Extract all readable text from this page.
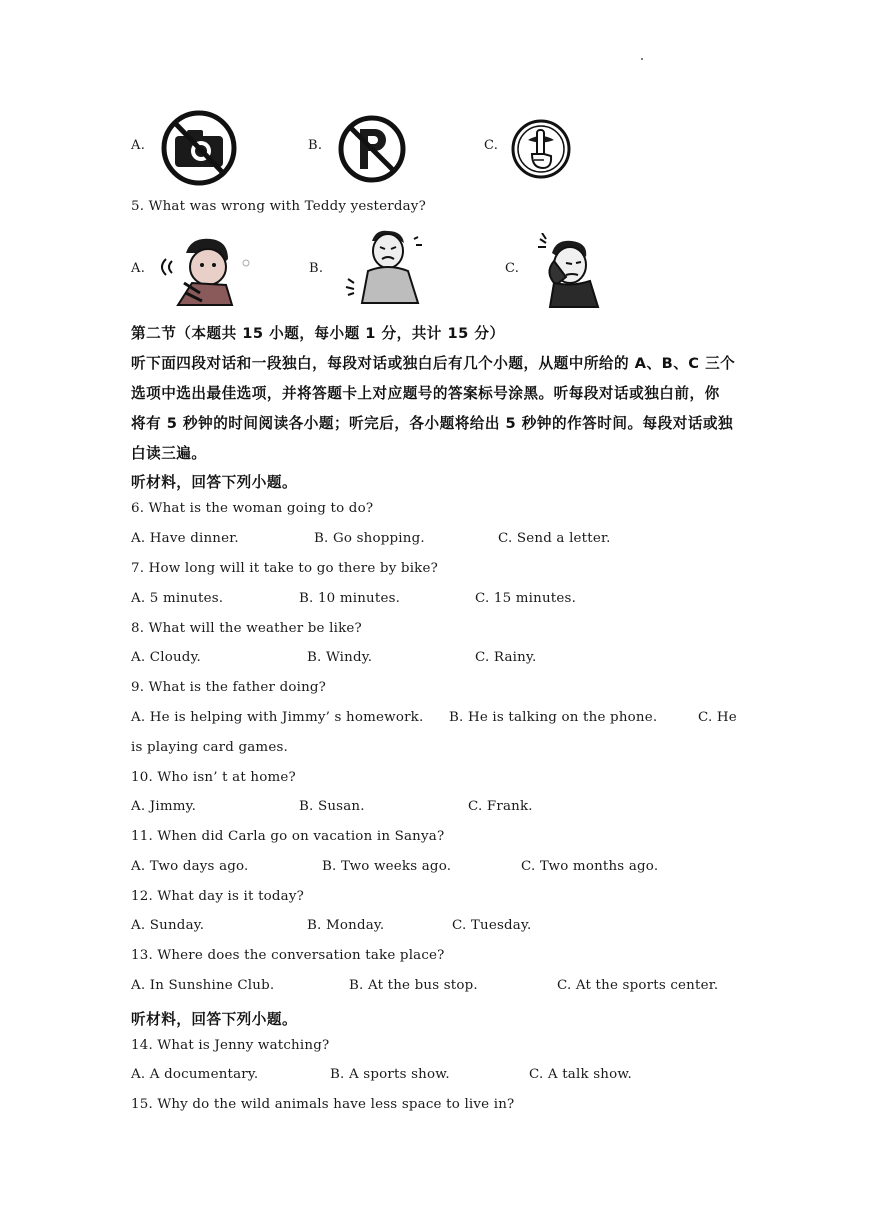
A.	B.	C.
5. What was wrong with Teddy yesterday?
A.	B.	C.
第二节（本题共 15 小题，每小题 1 分，共计 15 分）
听下面四段对话和一段独白，每段对话或独白后有几个小题，从题中所给的 A、B、C 三个
选项中选出最佳选项，并将答题卡上对应题号的答案标号涂黑。听每段对话或独白前，你
将有 5 秒钟的时间阅读各小题；听完后，各小题将给出 5 秒钟的作答时间。每段对话或独
白读三遍。
听材料，回答下列小题。
6. What is the woman going to do?
A. Have dinner.	B. Go shopping.	C. Send a letter.
7. How long will it take to go there by bike?
A. 5 minutes.	B. 10 minutes.	C. 15 minutes.
8. What will the weather be like?
A. Cloudy.	B. Windy.	C. Rainy.
9. What is the father doing?
A. He is helping with Jimmy’ s homework. B. He is talking on the phone.	C. He
is playing card games.
10. Who isn’ t at home?
A. Jimmy.	B. Susan.	C. Frank.
11. When did Carla go on vacation in Sanya?
A. Two days ago.	B. Two weeks ago.	C. Two months ago.
12. What day is it today?
A. Sunday.	B. Monday.	C. Tuesday.
13. Where does the conversation take place?
A. In Sunshine Club.	B. At the bus stop.	C. At the sports center.
听材料，回答下列小题。
14. What is Jenny watching?
A. A documentary.	B. A sports show.	C. A talk show.
15. Why do the wild animals have less space to live in?
